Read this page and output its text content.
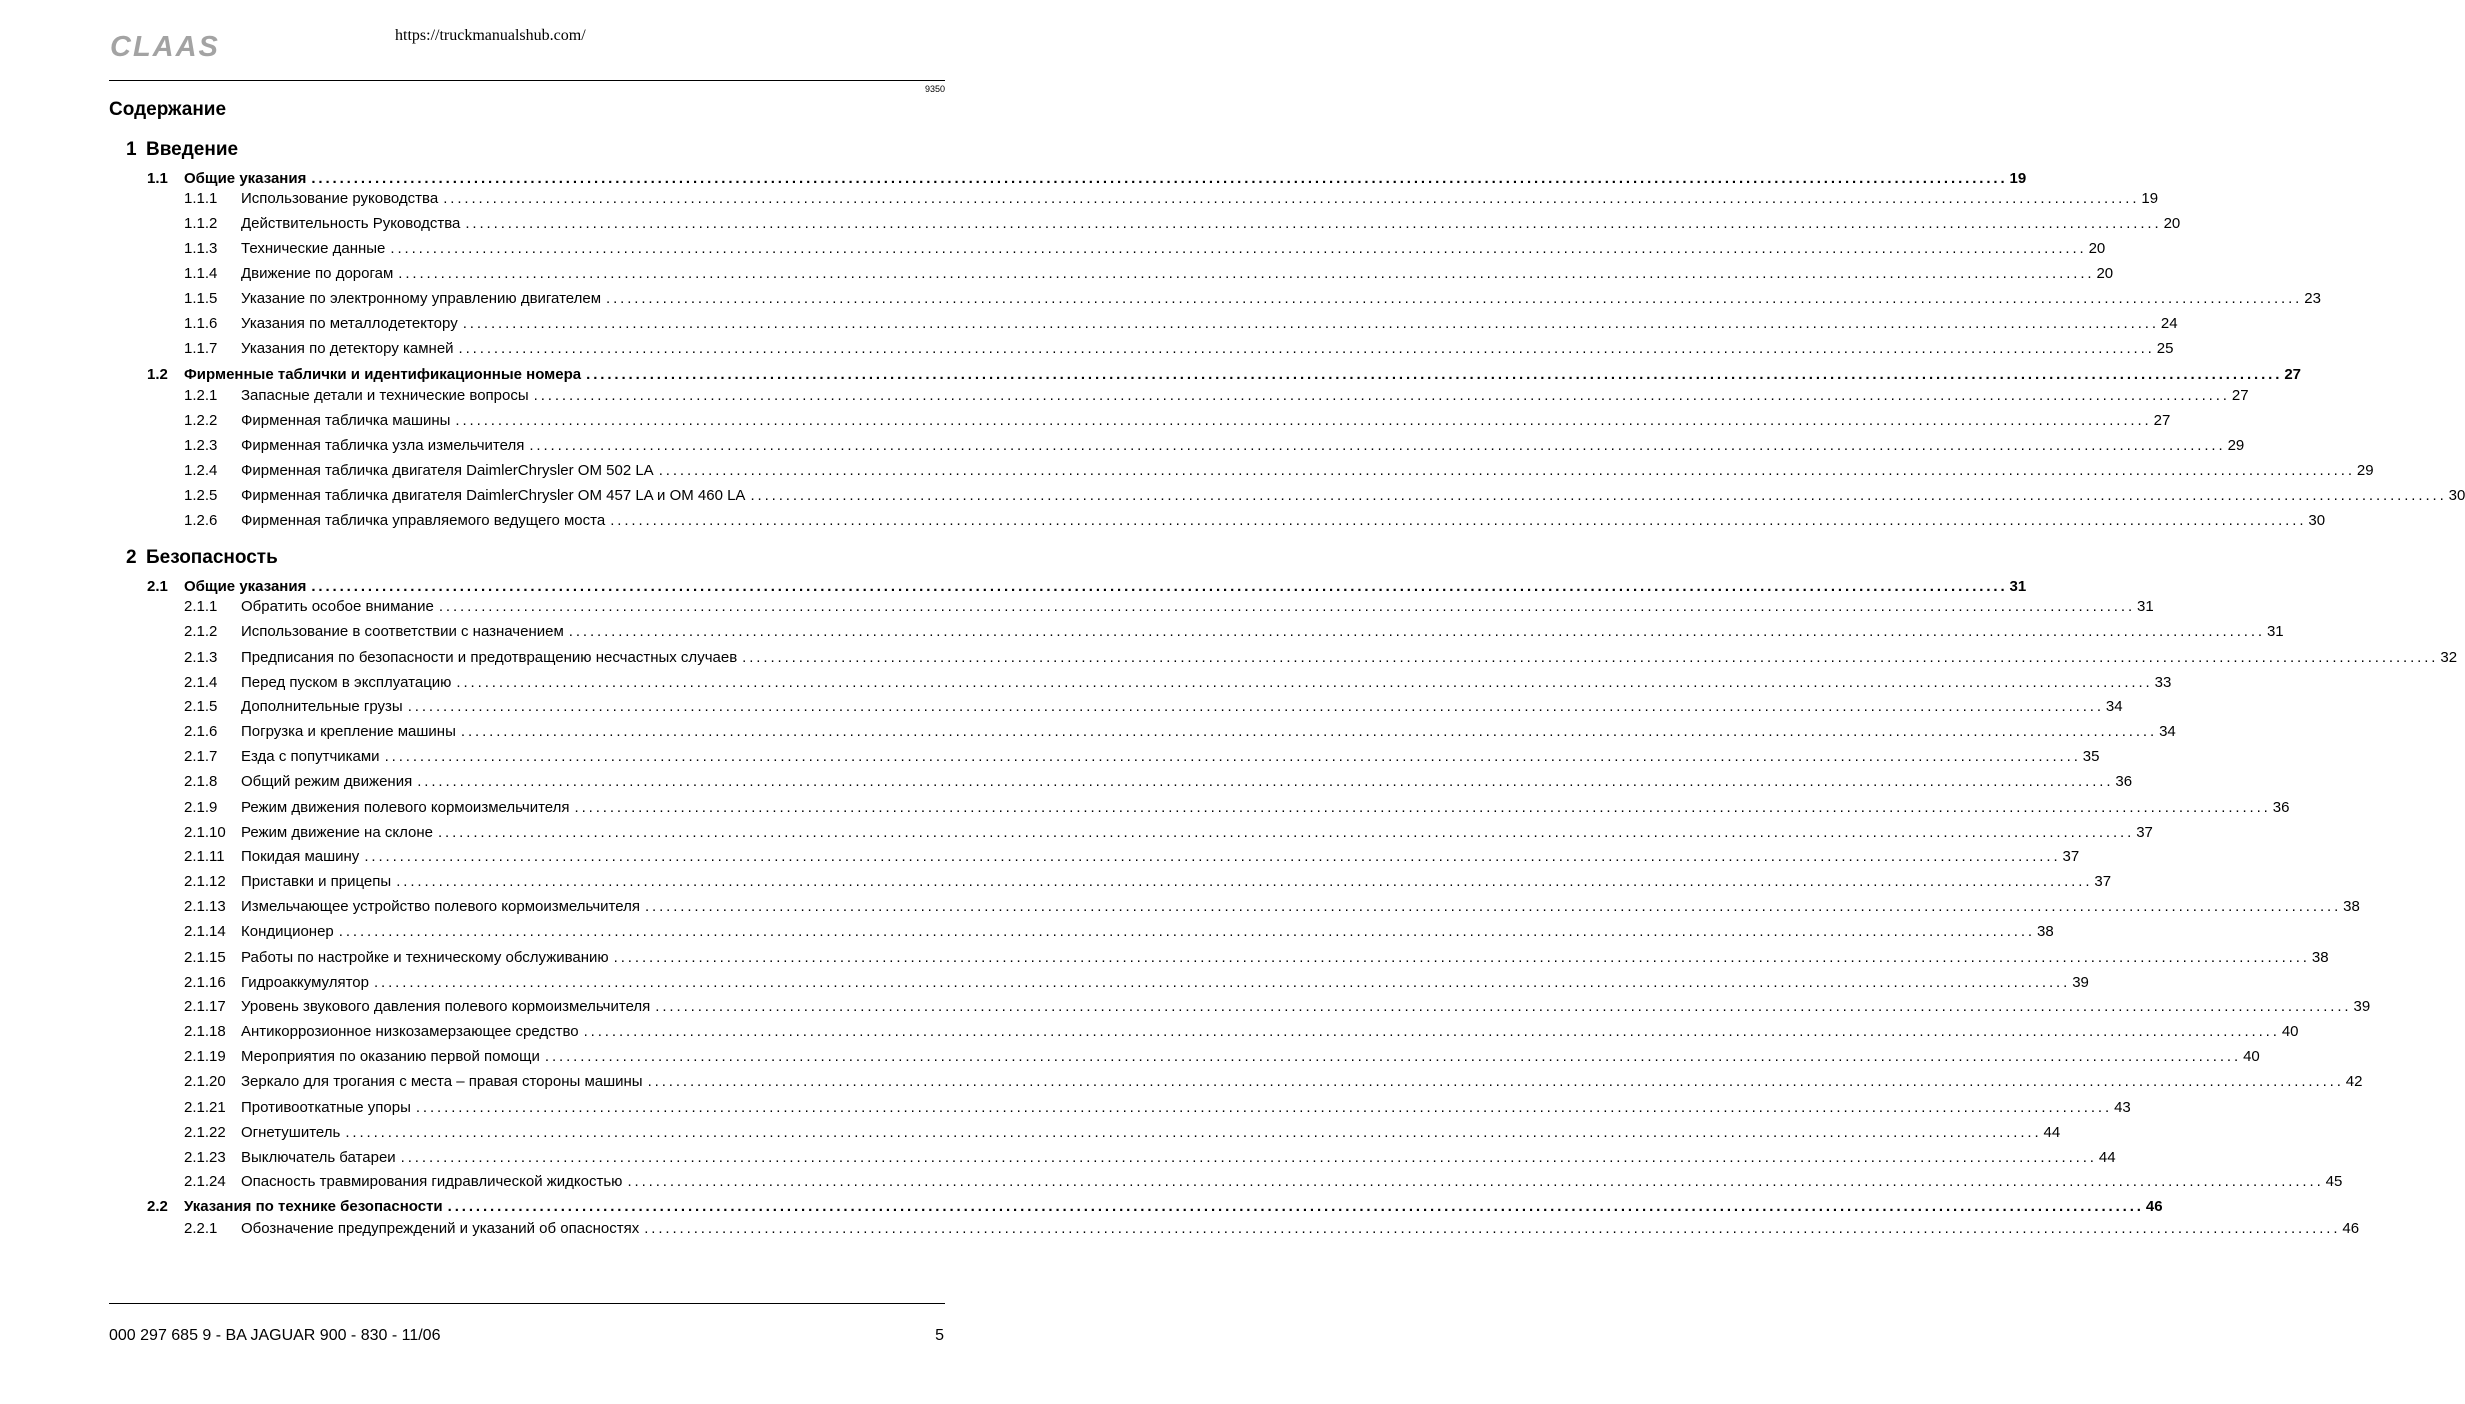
CLAAS	https://truckmanualshub.com/
9350
Содержание
1 Введение
1.1	Общие указания ................................................................................................................................................................................................................................................ 19
1.1.1	Использование руководства ................................................................................................................................................................................................................................................ 19
1.1.2	Действительность Руководства ................................................................................................................................................................................................................................................ 20
1.1.3	Технические данные ................................................................................................................................................................................................................................................ 20
1.1.4	Движение по дорогам ................................................................................................................................................................................................................................................ 20
1.1.5	Указание по электронному управлению двигателем ................................................................................................................................................................................................................................................ 23
1.1.6	Указания по металлодетектору ................................................................................................................................................................................................................................................ 24
1.1.7	Указания по детектору камней ................................................................................................................................................................................................................................................ 25
1.2	Фирменные таблички и идентификационные номера ................................................................................................................................................................................................................................................ 27
1.2.1	Запасные детали и технические вопросы ................................................................................................................................................................................................................................................ 27
1.2.2	Фирменная табличка машины ................................................................................................................................................................................................................................................ 27
1.2.3	Фирменная табличка узла измельчителя ................................................................................................................................................................................................................................................ 29
1.2.4	Фирменная табличка двигателя DaimlerChrysler OM 502 LA ................................................................................................................................................................................................................................................ 29
1.2.5	Фирменная табличка двигателя DaimlerChrysler OM 457 LA и OM 460 LA ................................................................................................................................................................................................................................................ 30
1.2.6	Фирменная табличка управляемого ведущего моста ................................................................................................................................................................................................................................................ 30
2 Безопасность
2.1	Общие указания ................................................................................................................................................................................................................................................ 31
2.1.1	Обратить особое внимание ................................................................................................................................................................................................................................................ 31
2.1.2	Использование в соответствии с назначением ................................................................................................................................................................................................................................................ 31
2.1.3	Предписания по безопасности и предотвращению несчастных случаев ................................................................................................................................................................................................................................................ 32
2.1.4	Перед пуском в эксплуатацию ................................................................................................................................................................................................................................................ 33
2.1.5	Дополнительные грузы ................................................................................................................................................................................................................................................ 34
2.1.6	Погрузка и крепление машины ................................................................................................................................................................................................................................................ 34
2.1.7	Езда с попутчиками ................................................................................................................................................................................................................................................ 35
2.1.8	Общий режим движения ................................................................................................................................................................................................................................................ 36
2.1.9	Режим движения полевого кормоизмельчителя ................................................................................................................................................................................................................................................ 36
2.1.10	Режим движение на склоне ................................................................................................................................................................................................................................................ 37
2.1.11	Покидая машину ................................................................................................................................................................................................................................................ 37
2.1.12	Приставки и прицепы ................................................................................................................................................................................................................................................ 37
2.1.13	Измельчающее устройство полевого кормоизмельчителя ................................................................................................................................................................................................................................................ 38
2.1.14	Кондиционер ................................................................................................................................................................................................................................................ 38
2.1.15	Работы по настройке и техническому обслуживанию ................................................................................................................................................................................................................................................ 38
2.1.16	Гидроаккумулятор ................................................................................................................................................................................................................................................ 39
2.1.17	Уровень звукового давления полевого кормоизмельчителя ................................................................................................................................................................................................................................................ 39
2.1.18	Антикоррозионное низкозамерзающее средство ................................................................................................................................................................................................................................................ 40
2.1.19	Мероприятия по оказанию первой помощи ................................................................................................................................................................................................................................................ 40
2.1.20	Зеркало для трогания с места – правая стороны машины ................................................................................................................................................................................................................................................ 42
2.1.21	Противооткатные упоры ................................................................................................................................................................................................................................................ 43
2.1.22	Огнетушитель ................................................................................................................................................................................................................................................ 44
2.1.23	Выключатель батареи ................................................................................................................................................................................................................................................ 44
2.1.24	Опасность травмирования гидравлической жидкостью ................................................................................................................................................................................................................................................ 45
2.2	Указания по технике безопасности ................................................................................................................................................................................................................................................ 46
2.2.1	Обозначение предупреждений и указаний об опасностях ................................................................................................................................................................................................................................................ 46
000 297 685 9 - BA JAGUAR 900 - 830 - 11/06	5
